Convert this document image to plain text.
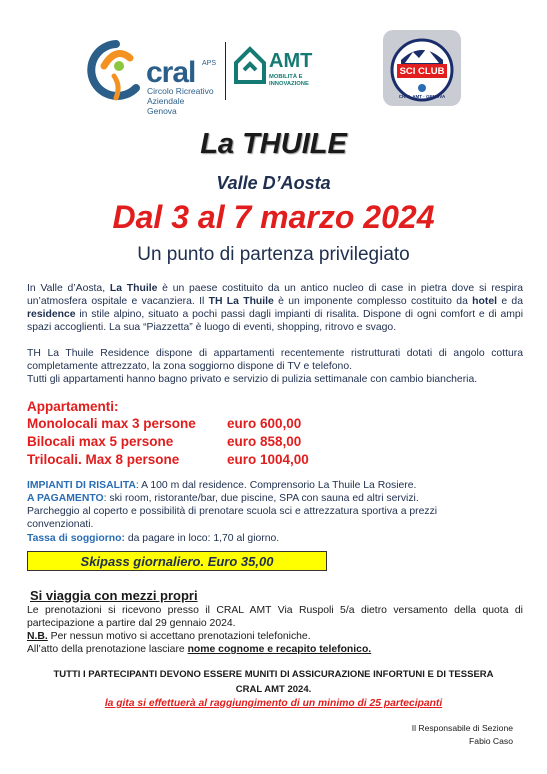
cral APS
Circolo Ricreativo
Aziendale Genova
AMT
MOBILITÀ E
INNOVAZIONE
SCI CLUB
CRAL AMT · GENOVA
La THUILE
Valle D’Aosta
Dal 3 al 7 marzo 2024
Un punto di partenza privilegiato
In Valle d’Aosta, La Thuile è un paese costituito da un antico nucleo di case in pietra dove si respira un’atmosfera ospitale e vacanziera. Il TH La Thuile è un imponente complesso costituito da hotel e da residence in stile alpino, situato a pochi passi dagli impianti di risalita. Dispone di ogni comfort e di ampi spazi accoglienti. La sua “Piazzetta” è luogo di eventi, shopping, ritrovo e svago.
TH La Thuile Residence dispone di appartamenti recentemente ristrutturati dotati di angolo cottura completamente attrezzato, la zona soggiorno dispone di TV e telefono.
Tutti gli appartamenti hanno bagno privato e servizio di pulizia settimanale con cambio biancheria.
Appartamenti:
Monolocali max 3 persone euro 600,00
Bilocali max 5 persone	euro 858,00
Trilocali. Max 8 persone	euro 1004,00
IMPIANTI DI RISALITA: A 100 m dal residence. Comprensorio La Thuile La Rosiere.
A PAGAMENTO: ski room, ristorante/bar, due piscine, SPA con sauna ed altri servizi.
Parcheggio al coperto e possibilità di prenotare scuola sci e attrezzatura sportiva a prezzi convenzionati.
Tassa di soggiorno: da pagare in loco: 1,70 al giorno.
Skipass giornaliero. Euro 35,00
Si viaggia con mezzi propri
Le prenotazioni si ricevono presso il CRAL AMT Via Ruspoli 5/a dietro versamento della quota di partecipazione a partire dal 29 gennaio 2024.
N.B. Per nessun motivo si accettano prenotazioni telefoniche.
All’atto della prenotazione lasciare nome cognome e recapito telefonico.
TUTTI I PARTECIPANTI DEVONO ESSERE MUNITI DI ASSICURAZIONE INFORTUNI E DI TESSERA
CRAL AMT 2024.
la gita si effettuerà al raggiungimento di un minimo di 25 partecipanti
Il Responsabile di Sezione
Fabio Caso
